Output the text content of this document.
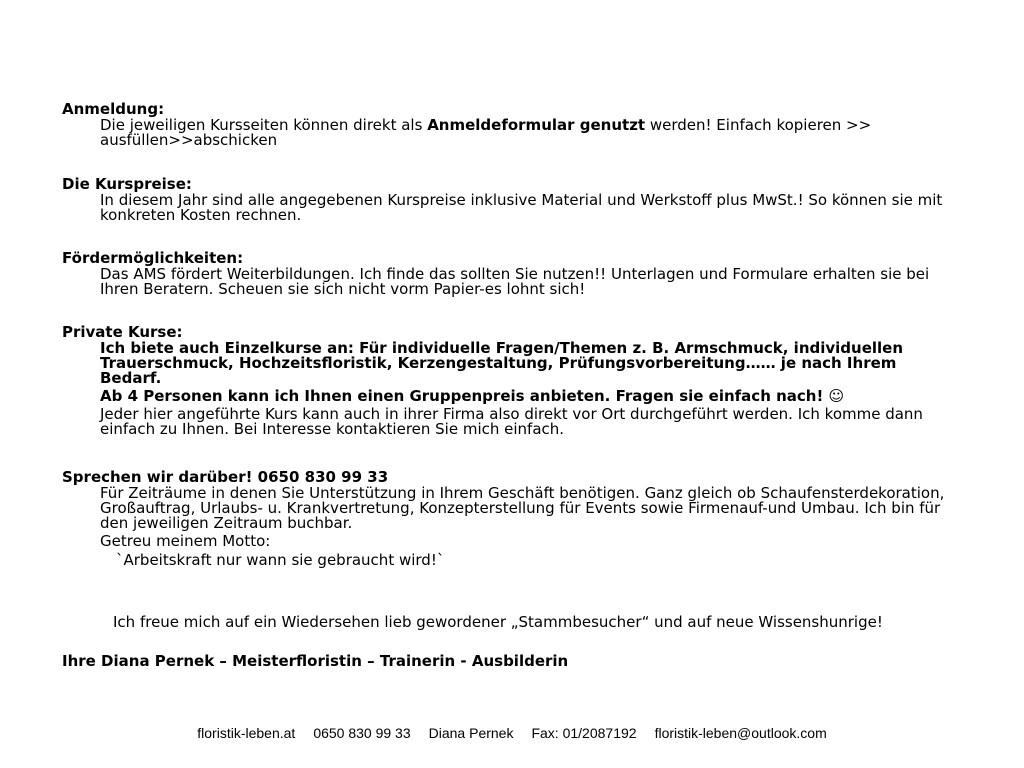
Anmeldung:

Die jeweiligen Kursseiten können direkt als Anmeldeformular genutzt werden! Einfach kopieren >> ausfüllen>>abschicken

Die Kurspreise:

In diesem Jahr sind alle angegebenen Kurspreise inklusive Material und Werkstoff plus MwSt.! So können sie mit konkreten Kosten rechnen.

Fördermöglichkeiten:

Das AMS fördert Weiterbildungen. Ich finde das sollten Sie nutzen!! Unterlagen und Formulare erhalten sie bei Ihren Beratern. Scheuen sie sich nicht vorm Papier-es lohnt sich!

Private Kurse:

Ich biete auch Einzelkurse an: Für individuelle Fragen/Themen z. B. Armschmuck, individuellen Trauerschmuck, Hochzeitsfloristik, Kerzengestaltung, Prüfungsvorbereitung…… je nach Ihrem Bedarf.

Ab 4 Personen kann ich Ihnen einen Gruppenpreis anbieten. Fragen sie einfach nach! ☺

Jeder hier angeführte Kurs kann auch in ihrer Firma also direkt vor Ort durchgeführt werden. Ich komme dann einfach zu Ihnen. Bei Interesse kontaktieren Sie mich einfach.

Sprechen wir darüber! 0650 830 99 33

Für Zeiträume in denen Sie Unterstützung in Ihrem Geschäft benötigen. Ganz gleich ob Schaufensterdekoration, Großauftrag, Urlaubs- u. Krankvertretung, Konzepterstellung für Events sowie Firmenauf-und Umbau. Ich bin für den jeweiligen Zeitraum buchbar.

Getreu meinem Motto:

`Arbeitskraft nur wann sie gebraucht wird!`

Ich freue mich auf ein Wiedersehen lieb gewordener „Stammbesucher“ und auf neue Wissenshunrige!

Ihre Diana Pernek – Meisterfloristin – Trainerin - Ausbilderin

floristik-leben.at 0650 830 99 33 Diana Pernek Fax: 01/2087192 floristik-leben@outlook.com
